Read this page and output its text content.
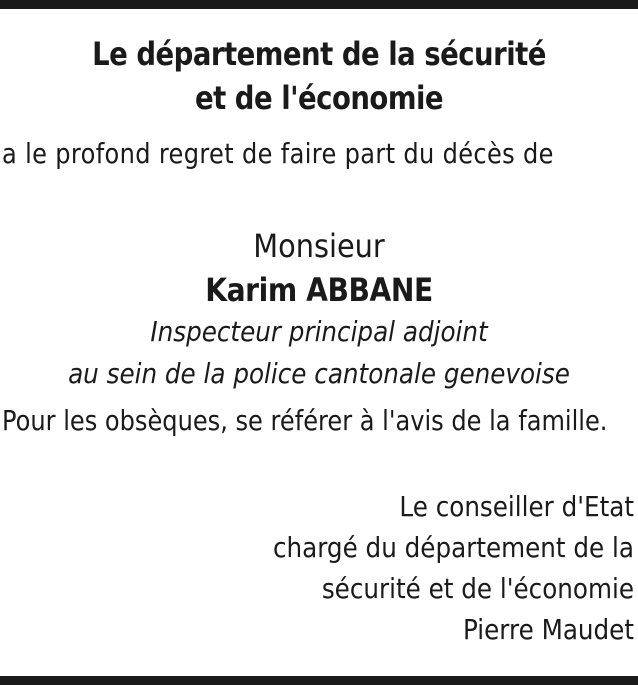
Le département de la sécurité
et de l'économie
a le profond regret de faire part du décès de
Monsieur
Karim ABBANE
Inspecteur principal adjoint
au sein de la police cantonale genevoise
Pour les obsèques, se référer à l'avis de la famille.
Le conseiller d'Etat
chargé du département de la
sécurité et de l'économie
Pierre Maudet
